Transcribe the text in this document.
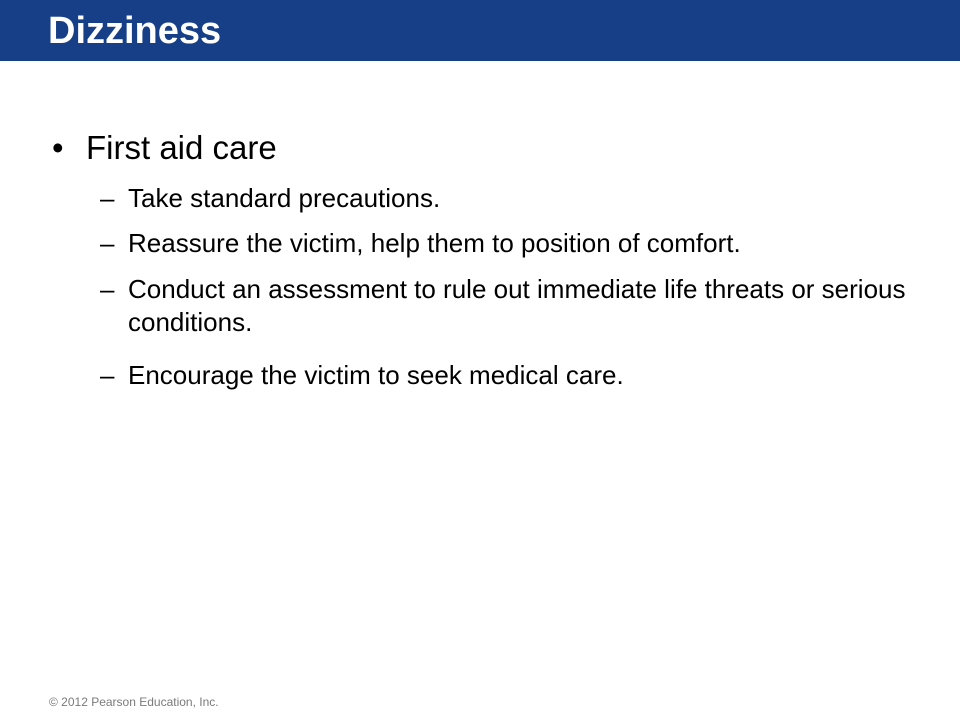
Dizziness
• First aid care
– Take standard precautions.
– Reassure the victim, help them to position of comfort.
– Conduct an assessment to rule out immediate life threats or serious conditions.
– Encourage the victim to seek medical care.
© 2012 Pearson Education, Inc.
